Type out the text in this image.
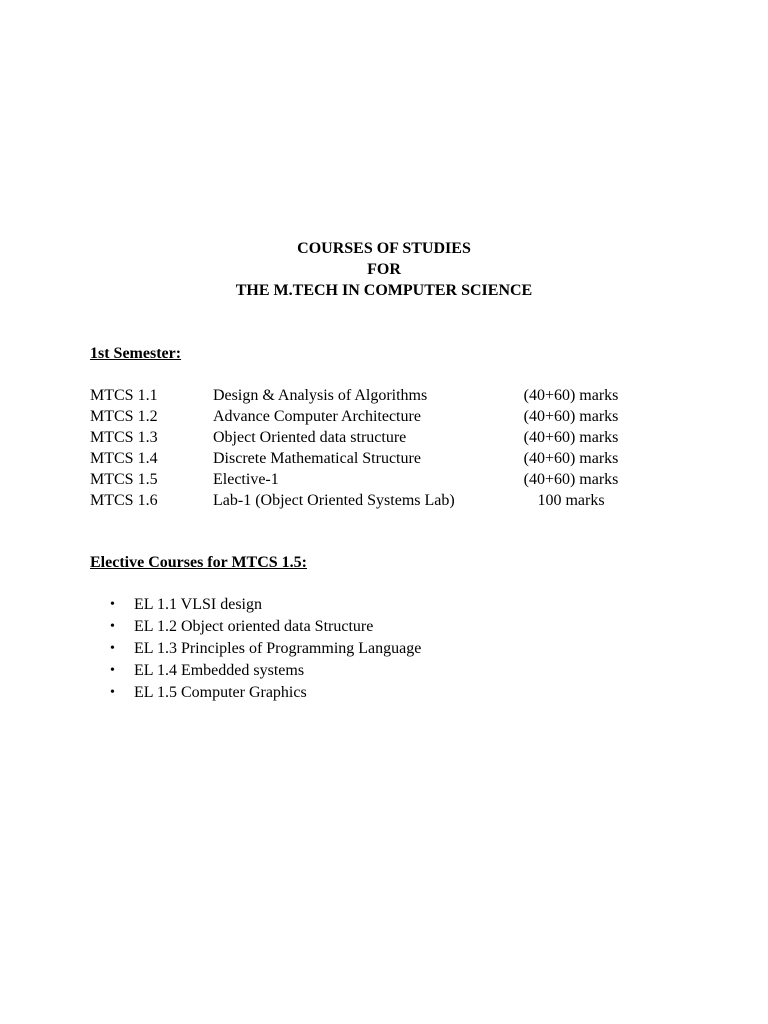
COURSES OF STUDIES
FOR
THE M.TECH IN COMPUTER SCIENCE
1st Semester:
MTCS 1.1	Design & Analysis of Algorithms	(40+60) marks
MTCS 1.2	Advance Computer Architecture	(40+60) marks
MTCS 1.3	Object Oriented data structure	(40+60) marks
MTCS 1.4	Discrete Mathematical Structure	(40+60) marks
MTCS 1.5	Elective-1	(40+60) marks
MTCS 1.6	Lab-1 (Object Oriented Systems Lab)	100 marks
Elective Courses for MTCS 1.5:
• EL 1.1 VLSI design
• EL 1.2 Object oriented data Structure
• EL 1.3 Principles of Programming Language
• EL 1.4 Embedded systems
• EL 1.5 Computer Graphics
